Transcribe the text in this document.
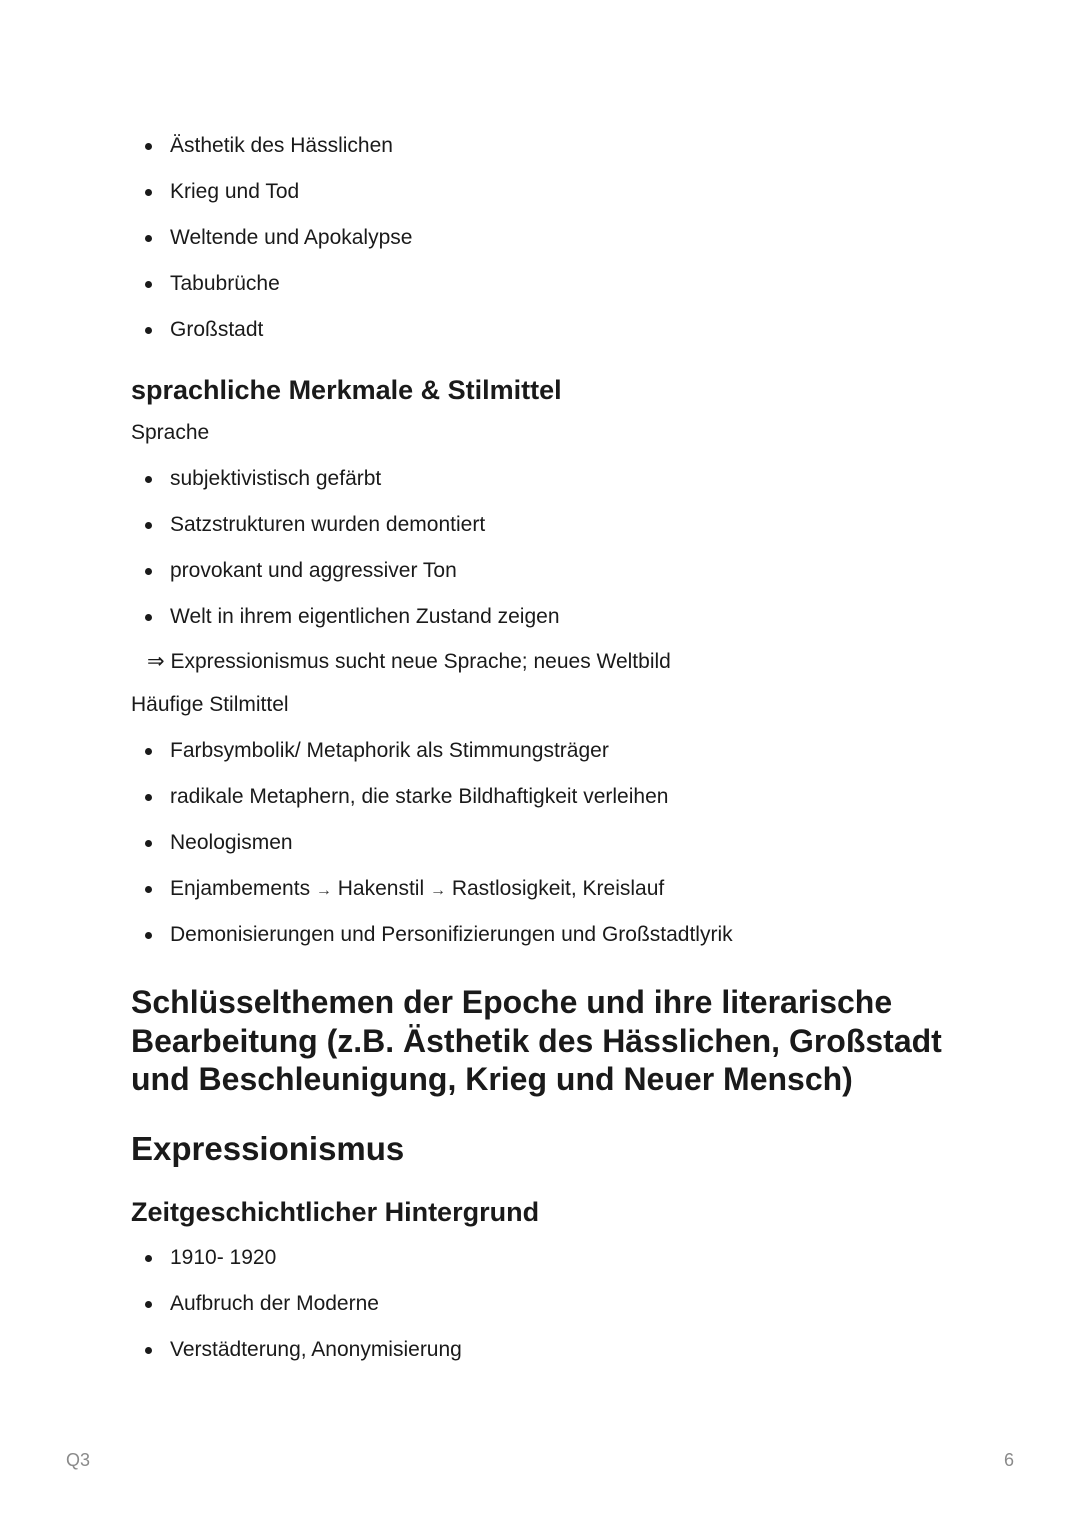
Ästhetik des Hässlichen
Krieg und Tod
Weltende und Apokalypse
Tabubrüche
Großstadt
sprachliche Merkmale & Stilmittel
Sprache
subjektivistisch gefärbt
Satzstrukturen wurden demontiert
provokant und aggressiver Ton
Welt in ihrem eigentlichen Zustand zeigen
⇒ Expressionismus sucht neue Sprache; neues Weltbild
Häufige Stilmittel
Farbsymbolik/ Metaphorik als Stimmungsträger
radikale Metaphern, die starke Bildhaftigkeit verleihen
Neologismen
Enjambements → Hakenstil → Rastlosigkeit, Kreislauf
Demonisierungen und Personifizierungen und Großstadtlyrik
Schlüsselthemen der Epoche und ihre literarische Bearbeitung (z.B. Ästhetik des Hässlichen, Großstadt und Beschleunigung, Krieg und Neuer Mensch)
Expressionismus
Zeitgeschichtlicher Hintergrund
1910- 1920
Aufbruch der Moderne
Verstädterung, Anonymisierung
Q3	6
